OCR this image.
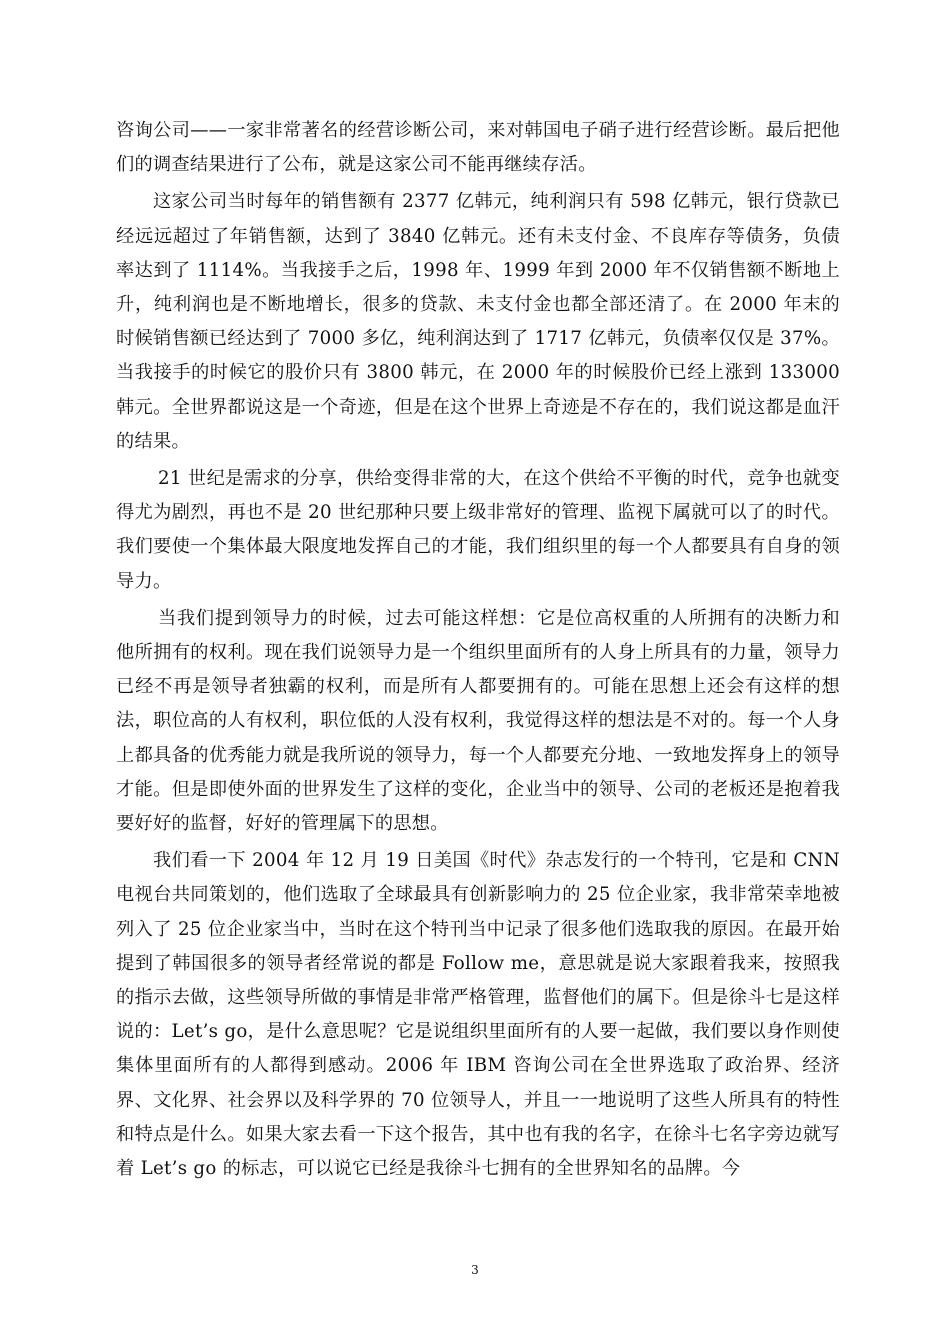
咨询公司——一家非常著名的经营诊断公司，来对韩国电子硝子进行经营诊断。最后把他们的调查结果进行了公布，就是这家公司不能再继续存活。

这家公司当时每年的销售额有 2377 亿韩元，纯利润只有 598 亿韩元，银行贷款已经远远超过了年销售额，达到了 3840 亿韩元。还有未支付金、不良库存等债务，负债率达到了 1114%。当我接手之后，1998 年、1999 年到 2000 年不仅销售额不断地上升，纯利润也是不断地增长，很多的贷款、未支付金也都全部还清了。在 2000 年末的时候销售额已经达到了 7000 多亿，纯利润达到了 1717 亿韩元，负债率仅仅是 37%。当我接手的时候它的股价只有 3800 韩元，在 2000 年的时候股价已经上涨到 133000 韩元。全世界都说这是一个奇迹，但是在这个世界上奇迹是不存在的，我们说这都是血汗的结果。

21 世纪是需求的分享，供给变得非常的大，在这个供给不平衡的时代，竞争也就变得尤为剧烈，再也不是 20 世纪那种只要上级非常好的管理、监视下属就可以了的时代。我们要使一个集体最大限度地发挥自己的才能，我们组织里的每一个人都要具有自身的领导力。

当我们提到领导力的时候，过去可能这样想：它是位高权重的人所拥有的决断力和他所拥有的权利。现在我们说领导力是一个组织里面所有的人身上所具有的力量，领导力已经不再是领导者独霸的权利，而是所有人都要拥有的。可能在思想上还会有这样的想法，职位高的人有权利，职位低的人没有权利，我觉得这样的想法是不对的。每一个人身上都具备的优秀能力就是我所说的领导力，每一个人都要充分地、一致地发挥身上的领导才能。但是即使外面的世界发生了这样的变化，企业当中的领导、公司的老板还是抱着我要好好的监督，好好的管理属下的思想。

我们看一下 2004 年 12 月 19 日美国《时代》杂志发行的一个特刊，它是和 CNN 电视台共同策划的，他们选取了全球最具有创新影响力的 25 位企业家，我非常荣幸地被列入了 25 位企业家当中，当时在这个特刊当中记录了很多他们选取我的原因。在最开始提到了韩国很多的领导者经常说的都是 Follow me，意思就是说大家跟着我来，按照我的指示去做，这些领导所做的事情是非常严格管理，监督他们的属下。但是徐斗七是这样说的：Let’s go，是什么意思呢？它是说组织里面所有的人要一起做，我们要以身作则使集体里面所有的人都得到感动。2006 年 IBM 咨询公司在全世界选取了政治界、经济界、文化界、社会界以及科学界的 70 位领导人，并且一一地说明了这些人所具有的特性和特点是什么。如果大家去看一下这个报告，其中也有我的名字，在徐斗七名字旁边就写着 Let’s go 的标志，可以说它已经是我徐斗七拥有的全世界知名的品牌。今

3
